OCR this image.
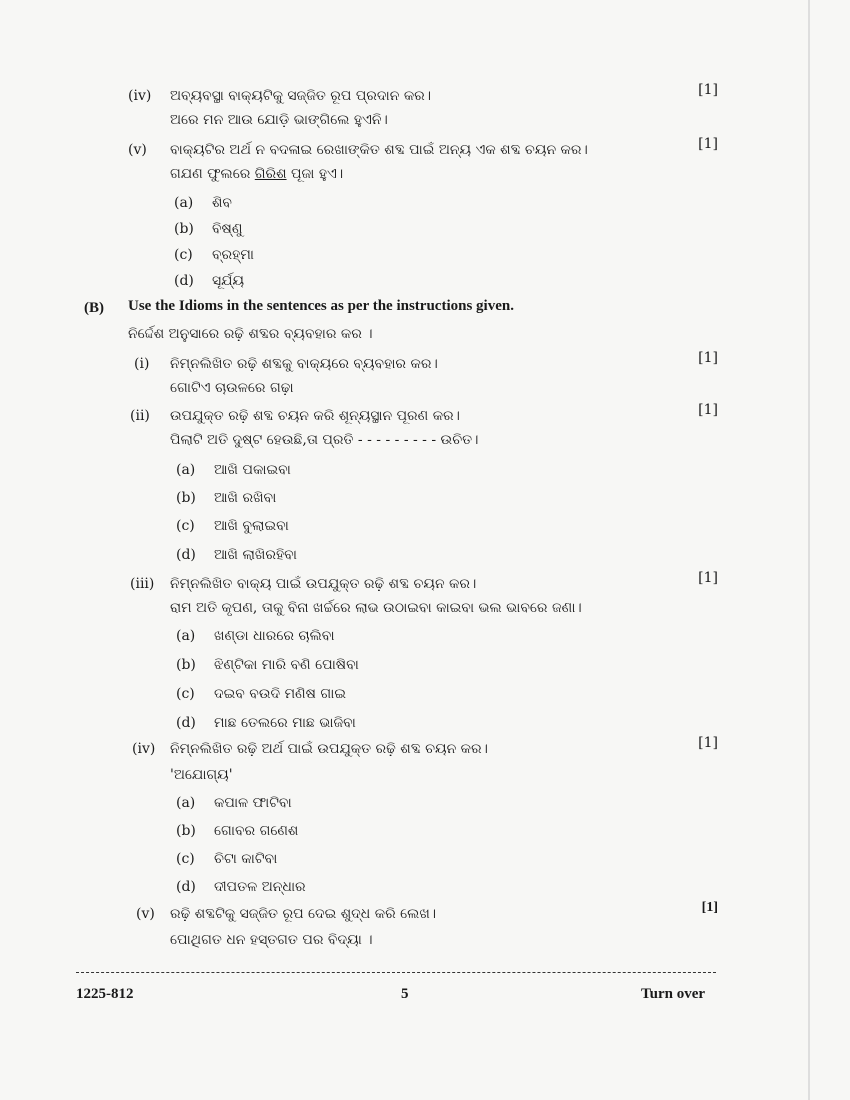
(iv) ଅବ୍ୟବସ୍ଥା ବାକ୍ୟଟିକୁ ସଜ୍ଜିତ ରୂପ ପ୍ରଦାନ କର।	[1]
ଅରେ ମନ ଆଉ ଯୋଡ଼ି ଭାଙ୍ଗିଲେ ହୁଏନି।
(v) ବାକ୍ୟଟିର ଅର୍ଥ ନ ବଦଳାଇ ରେଖାଙ୍କିତ ଶବ୍ଦ ପାଇଁ ଅନ୍ୟ ଏକ ଶବ୍ଦ ଚୟନ କର।	[1]
ଗଯଣ ଫୁଲରେ ଗିରିଶ ପୂଜା ହୁଏ।
(a) ଶିବ
(b) ବିଷ୍ଣୁ
(c) ବ୍ରହ୍ମା
(d) ସୂର୍ଯ୍ୟ
(B) Use the Idioms in the sentences as per the instructions given.
ନିର୍ଦ୍ଦେଶ ଅନୁସାରେ ରଢ଼ି ଶବ୍ଦର ବ୍ୟବହାର କର ।
(i) ନିମ୍ନଲିଖିତ ରଢ଼ି ଶବ୍ଦକୁ ବାକ୍ୟରେ ବ୍ୟବହାର କର।	[1]
ଗୋଟିଏ ଚାଉଳରେ ଗଢ଼ା
(ii) ଉପଯୁକ୍ତ ରଢ଼ି ଶବ୍ଦ ଚୟନ କରି ଶୂନ୍ୟସ୍ଥାନ ପୂରଣ କର।	[1]
ପିଲାଟି ଅତି ଦୁଷ୍ଟ ହେଉଛି,ତା ପ୍ରତି - - - - - - - - - ଉଚିତ।
(a) ଆଖି ପକାଇବା
(b) ଆଖି ରଖିବା
(c) ଆଖି ବୁଲାଇବା
(d) ଆଖି ଲାଖିରହିବା
(iii) ନିମ୍ନଲିଖିତ ବାକ୍ୟ ପାଇଁ ଉପଯୁକ୍ତ ରଢ଼ି ଶବ୍ଦ ଚୟନ କର।	[1]
ରାମ ଅତି କୃପଣ, ତାକୁ ବିନା ଖର୍ଚ୍ଚରେ ଲାଭ ଉଠାଇବା କାଇବା ଭଲ ଭାବରେ ଜଣା।
(a) ଖଣ୍ଡା ଧାରରେ ଚାଲିବା
(b) ଝିଣ୍ଟିକା ମାରି ବଣି ପୋଷିବା
(c) ଦଇବ ବଉଦି ମଣିଷ ଗାଇ
(d) ମାଛ ତେଲରେ ମାଛ ଭାଜିବା
(iv) ନିମ୍ନଲିଖିତ ରଢ଼ି ଅର୍ଥ ପାଇଁ ଉପଯୁକ୍ତ ରଢ଼ି ଶବ୍ଦ ଚୟନ କର।	[1]
'ଅଯୋଗ୍ୟ'
(a) କପାଳ ଫାଟିବା
(b) ଗୋବର ଗଣେଶ
(c) ଚିଟା କାଟିବା
(d) ଦୀପତଳ ଅନ୍ଧାର
(v) ରଢ଼ି ଶବ୍ଦଟିକୁ ସଜ୍ଜିତ ରୂପ ଦେଇ ଶୁଦ୍ଧ କରି ଲେଖ।	[1]
ପୋଥିଗତ ଧନ ହସ୍ତଗତ ପର ବିଦ୍ୟା ।
1225-812	5	Turn over
